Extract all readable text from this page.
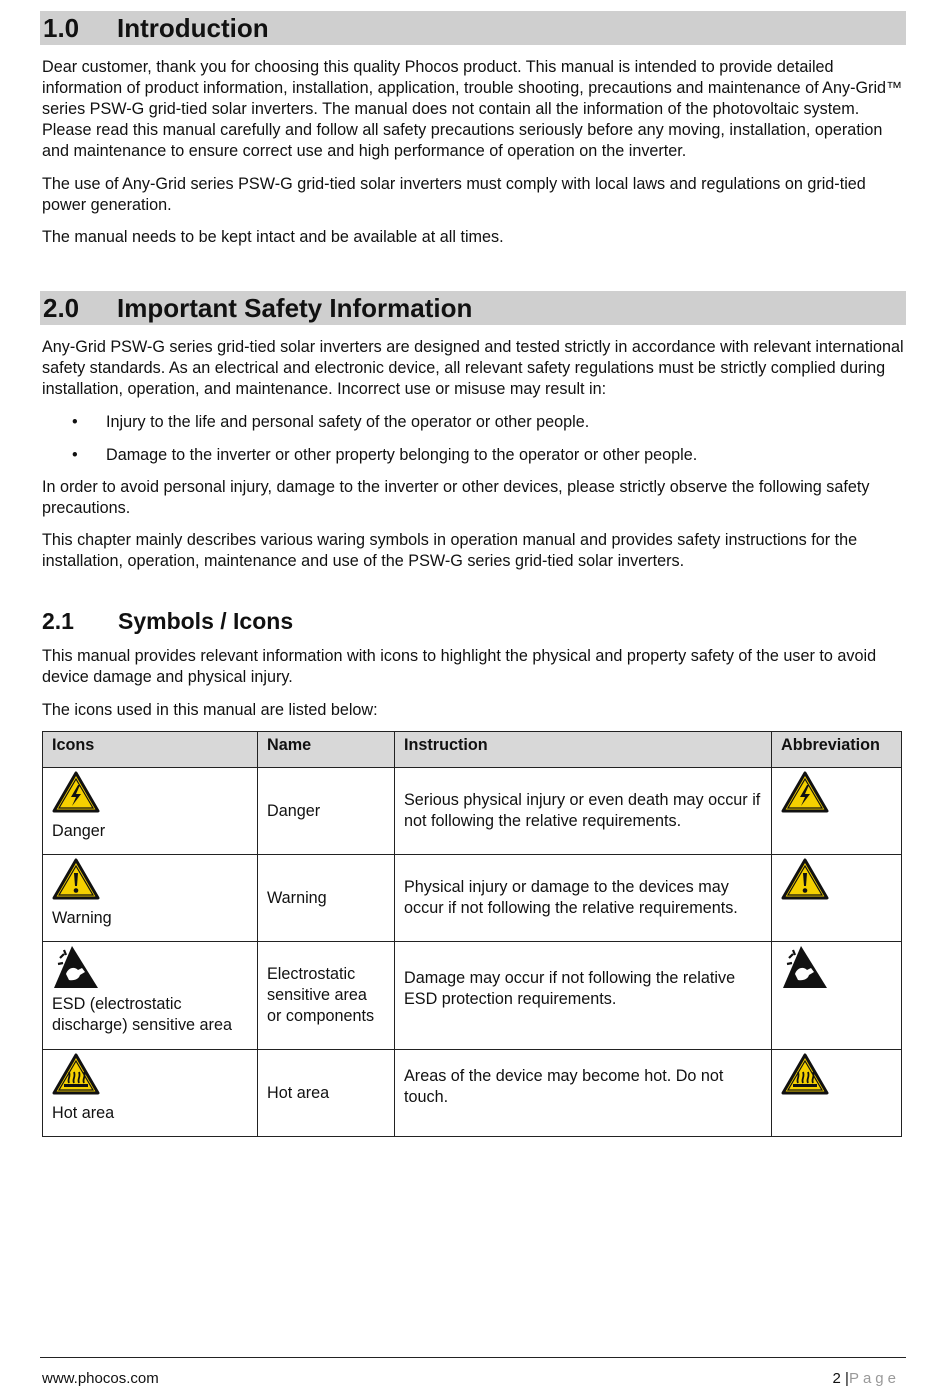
1.0 Introduction

Dear customer, thank you for choosing this quality Phocos product. This manual is intended to provide detailed information of product information, installation, application, trouble shooting, precautions and maintenance of Any-Grid™ series PSW-G grid-tied solar inverters. The manual does not contain all the information of the photovoltaic system. Please read this manual carefully and follow all safety precautions seriously before any moving, installation, operation and maintenance to ensure correct use and high performance of operation on the inverter.

The use of Any-Grid series PSW-G grid-tied solar inverters must comply with local laws and regulations on grid-tied power generation.

The manual needs to be kept intact and be available at all times.

2.0 Important Safety Information

Any-Grid PSW-G series grid-tied solar inverters are designed and tested strictly in accordance with relevant international safety standards. As an electrical and electronic device, all relevant safety regulations must be strictly complied during installation, operation, and maintenance. Incorrect use or misuse may result in:

• Injury to the life and personal safety of the operator or other people.
• Damage to the inverter or other property belonging to the operator or other people.

In order to avoid personal injury, damage to the inverter or other devices, please strictly observe the following safety precautions.

This chapter mainly describes various waring symbols in operation manual and provides safety instructions for the installation, operation, maintenance and use of the PSW-G series grid-tied solar inverters.

2.1 Symbols / Icons

This manual provides relevant information with icons to highlight the physical and property safety of the user to avoid device damage and physical injury.

The icons used in this manual are listed below:

Icons	Name	Instruction	Abbreviation

Danger	Danger	Serious physical injury or even death may occur if not following the relative requirements.	

Warning	Warning	Physical injury or damage to the devices may occur if not following the relative requirements.	

ESD (electrostatic discharge) sensitive area	Electrostatic sensitive area or components	Damage may occur if not following the relative ESD protection requirements.	

Hot area	Hot area	Areas of the device may become hot. Do not touch.	
www.phocos.com	2 |Page
